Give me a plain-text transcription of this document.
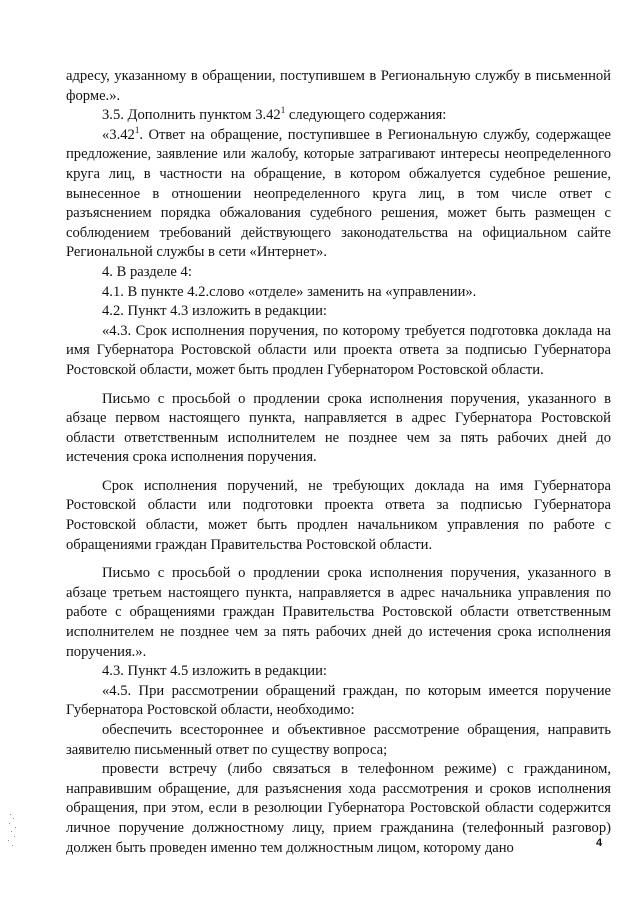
адресу, указанному в обращении, поступившем в Региональную службу в письменной форме.».

3.5. Дополнить пунктом 3.42$^1$ следующего содержания:

«3.42$^1$. Ответ на обращение, поступившее в Региональную службу, содержащее предложение, заявление или жалобу, которые затрагивают интересы неопределенного круга лиц, в частности на обращение, в котором обжалуется судебное решение, вынесенное в отношении неопределенного круга лиц, в том числе ответ с разъяснением порядка обжалования судебного решения, может быть размещен с соблюдением требований действующего законодательства на официальном сайте Региональной службы в сети «Интернет».

4. В разделе 4:

4.1. В пункте 4.2.слово «отделе» заменить на «управлении».

4.2. Пункт 4.3 изложить в редакции:

«4.3. Срок исполнения поручения, по которому требуется подготовка доклада на имя Губернатора Ростовской области или проекта ответа за подписью Губернатора Ростовской области, может быть продлен Губернатором Ростовской области.

Письмо с просьбой о продлении срока исполнения поручения, указанного в абзаце первом настоящего пункта, направляется в адрес Губернатора Ростовской области ответственным исполнителем не позднее чем за пять рабочих дней до истечения срока исполнения поручения.

Срок исполнения поручений, не требующих доклада на имя Губернатора Ростовской области или подготовки проекта ответа за подписью Губернатора Ростовской области, может быть продлен начальником управления по работе с обращениями граждан Правительства Ростовской области.

Письмо с просьбой о продлении срока исполнения поручения, указанного в абзаце третьем настоящего пункта, направляется в адрес начальника управления по работе с обращениями граждан Правительства Ростовской области ответственным исполнителем не позднее чем за пять рабочих дней до истечения срока исполнения поручения.».

4.3. Пункт 4.5 изложить в редакции:

«4.5. При рассмотрении обращений граждан, по которым имеется поручение Губернатора Ростовской области, необходимо:

обеспечить всестороннее и объективное рассмотрение обращения, направить заявителю письменный ответ по существу вопроса;

провести встречу (либо связаться в телефонном режиме) с гражданином, направившим обращение, для разъяснения хода рассмотрения и сроков исполнения обращения, при этом, если в резолюции Губернатора Ростовской области содержится личное поручение должностному лицу, прием гражданина (телефонный разговор) должен быть проведен именно тем должностным лицом, которому дано	4
